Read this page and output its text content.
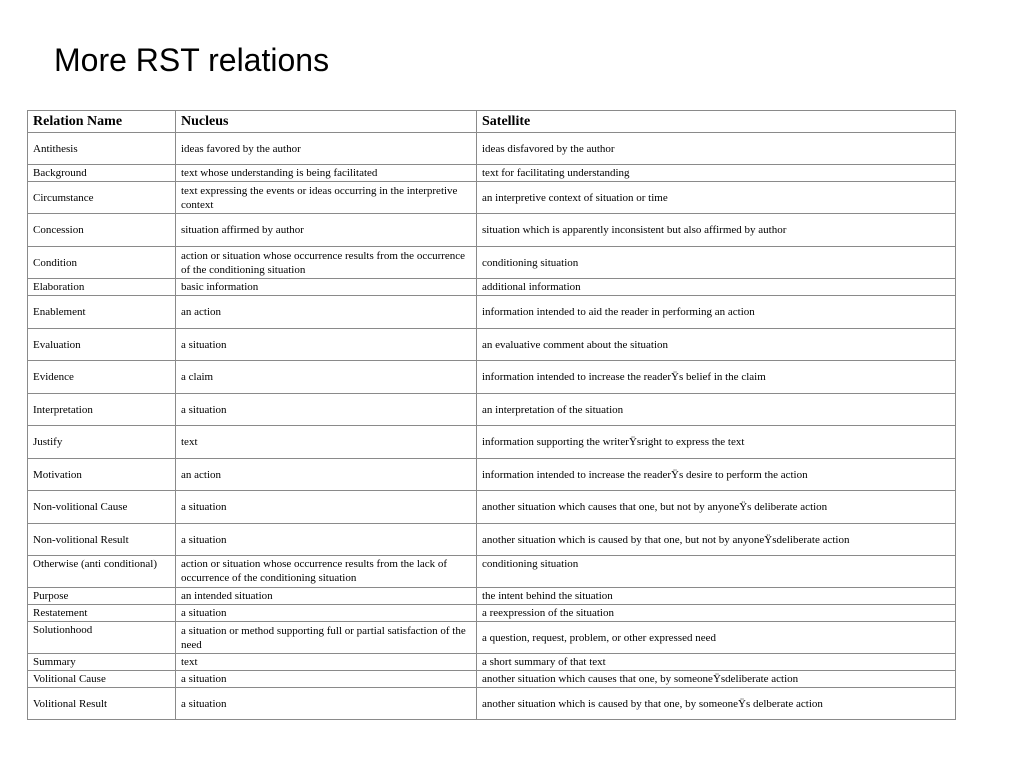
More RST relations
Relation Name	Nucleus	Satellite
Antithesis	ideas favored by the author	ideas disfavored by the author
Background	text whose understanding is being facilitated	text for facilitating understanding
Circumstance	text expressing the events or ideas occurring in the interpretive context	an interpretive context of situation or time
Concession	situation affirmed by author	situation which is apparently inconsistent but also affirmed by author
Condition	action or situation whose occurrence results from the occurrence of the conditioning situation	conditioning situation
Elaboration	basic information	additional information
Enablement	an action	information intended to aid the reader in performing an action
Evaluation	a situation	an evaluative comment about the situation
Evidence	a claim	information intended to increase the readerŸs belief in the claim
Interpretation	a situation	an interpretation of the situation
Justify	text	information supporting the writerŸsright to express the text
Motivation	an action	information intended to increase the readerŸs desire to perform the action
Non-volitional Cause	a situation	another situation which causes that one, but not by anyoneŸs deliberate action
Non-volitional Result	a situation	another situation which is caused by that one, but not by anyoneŸsdeliberate action
Otherwise (anti conditional)	action or situation whose occurrence results from the lack of occurrence of the conditioning situation	conditioning situation
Purpose	an intended situation	the intent behind the situation
Restatement	a situation	a reexpression of the situation
Solutionhood	a situation or method supporting full or partial satisfaction of the need	a question, request, problem, or other expressed need
Summary	text	a short summary of that text
Volitional Cause	a situation	another situation which causes that one, by someoneŸsdeliberate action
Volitional Result	a situation	another situation which is caused by that one, by someoneŸs delberate action
